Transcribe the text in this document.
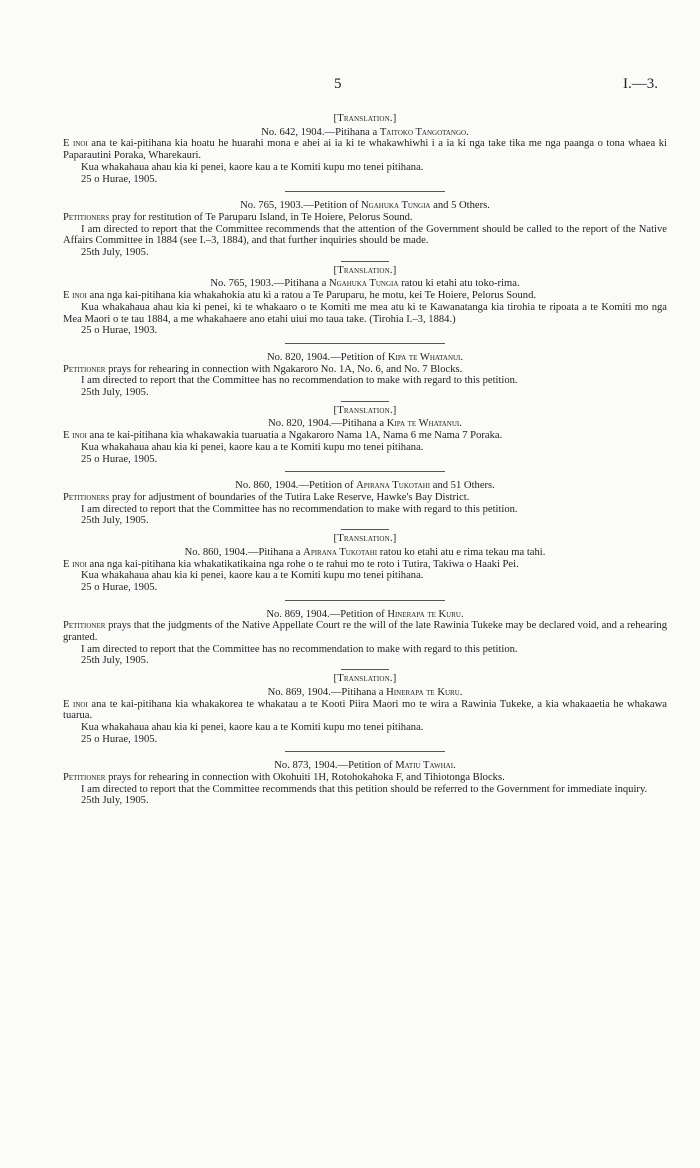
5	I.—3.
[Translation.]
No. 642, 1904.—Pitihana a Taitoko Tangotango.

E inoi ana te kai-pitihana kia hoatu he huarahi mona e ahei ai ia ki te whakawhiwhi i a ia ki nga take tika me nga paanga o tona whaea ki Paparautini Poraka, Wharekauri.

Kua whakahaua ahau kia ki penei, kaore kau a te Komiti kupu mo tenei pitihana.

25 o Hurae, 1905.

No. 765, 1903.—Petition of Ngahuka Tungia and 5 Others.

Petitioners pray for restitution of Te Paruparu Island, in Te Hoiere, Pelorus Sound.

I am directed to report that the Committee recommends that the attention of the Government should be called to the report of the Native Affairs Committee in 1884 (see I.–3, 1884), and that further inquiries should be made.

25th July, 1905.

[Translation.]
No. 765, 1903.—Pitihana a Ngahuka Tungia ratou ki etahi atu toko-rima.

E inoi ana nga kai-pitihana kia whakahokia atu ki a ratou a Te Paruparu, he motu, kei Te Hoiere, Pelorus Sound.

Kua whakahaua ahau kia ki penei, ki te whakaaro o te Komiti me mea atu ki te Kawanatanga kia tirohia te ripoata a te Komiti mo nga Mea Maori o te tau 1884, a me whakahaere ano etahi uiui mo taua take. (Tirohia I.–3, 1884.)

25 o Hurae, 1903.

No. 820, 1904.—Petition of Kipa te Whatanui.

Petitioner prays for rehearing in connection with Ngakaroro No. 1A, No. 6, and No. 7 Blocks.

I am directed to report that the Committee has no recommendation to make with regard to this petition.

25th July, 1905.

[Translation.]
No. 820, 1904.—Pitihana a Kipa te Whatanui.

E inoi ana te kai-pitihana kia whakawakia tuaruatia a Ngakaroro Nama 1A, Nama 6 me Nama 7 Poraka.

Kua whakahaua ahau kia ki penei, kaore kau a te Komiti kupu mo tenei pitihana.

25 o Hurae, 1905.

No. 860, 1904.—Petition of Apirana Tukotahi and 51 Others.

Petitioners pray for adjustment of boundaries of the Tutira Lake Reserve, Hawke's Bay District.

I am directed to report that the Committee has no recommendation to make with regard to this petition.

25th July, 1905.

[Translation.]
No. 860, 1904.—Pitihana a Apirana Tukotahi ratou ko etahi atu e rima tekau ma tahi.

E inoi ana nga kai-pitihana kia whakatikatikaina nga rohe o te rahui mo te roto i Tutira, Takiwa o Haaki Pei.

Kua whakahaua ahau kia ki penei, kaore kau a te Komiti kupu mo tenei pitihana.

25 o Hurae, 1905.

No. 869, 1904.—Petition of Hinerapa te Kuru.

Petitioner prays that the judgments of the Native Appellate Court re the will of the late Rawinia Tukeke may be declared void, and a rehearing granted.

I am directed to report that the Committee has no recommendation to make with regard to this petition.

25th July, 1905.

[Translation.]
No. 869, 1904.—Pitihana a Hinerapa te Kuru.

E inoi ana te kai-pitihana kia whakakorea te whakatau a te Kooti Piira Maori mo te wira a Rawinia Tukeke, a kia whakaaetia he whakawa tuarua.

Kua whakahaua ahau kia ki penei, kaore kau a te Komiti kupu mo tenei pitihana.

25 o Hurae, 1905.

No. 873, 1904.—Petition of Matiu Tawhai.

Petitioner prays for rehearing in connection with Okohuiti 1H, Rotohokahoka F, and Tihiotonga Blocks.

I am directed to report that the Committee recommends that this petition should be referred to the Government for immediate inquiry.

25th July, 1905.
